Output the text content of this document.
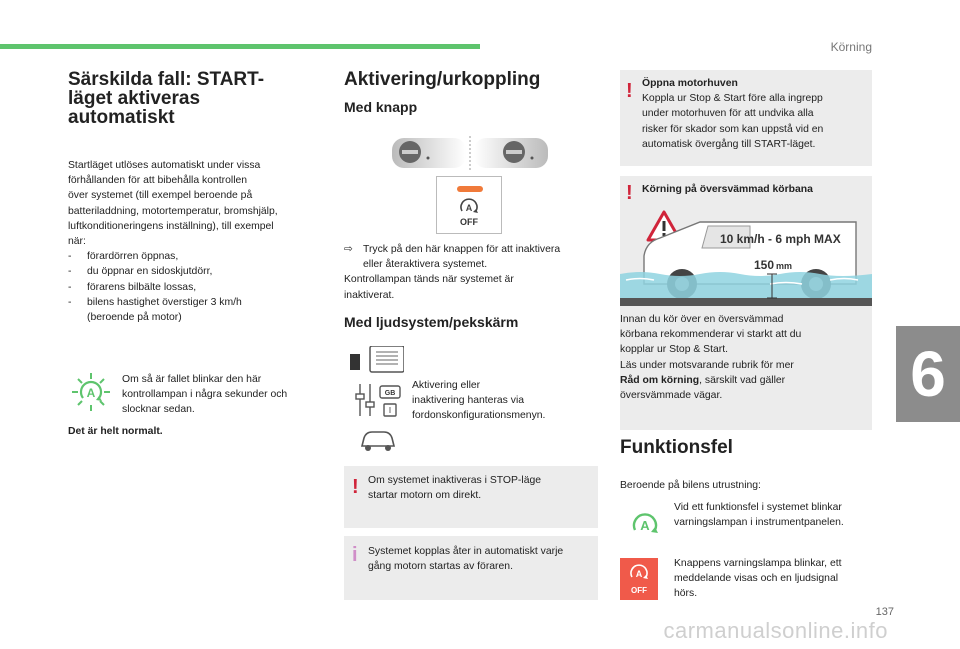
Körning
6
137
carmanualsonline.info
Särskilda fall: START-
läget aktiveras
automatiskt
Startläget utlöses automatiskt under vissa
förhållanden för att bibehålla kontrollen
över systemet (till exempel beroende på
batteriladdning, motortemperatur, bromshjälp,
luftkonditioneringens inställning), till exempel
när:
- förardörren öppnas,
- du öppnar en sidoskjutdörr,
- förarens bilbälte lossas,
- bilens hastighet överstiger 3 km/h
(beroende på motor)
A
Om så är fallet blinkar den här
kontrollampan i några sekunder och
slocknar sedan.
Det är helt normalt.
Aktivering/urkoppling
Med knapp
A
OFF
⇨ Tryck på den här knappen för att inaktivera
eller återaktivera systemet.
Kontrollampan tänds när systemet är
inaktiverat.
Med ljudsystem/pekskärm
GB
I
Aktivering eller
inaktivering hanteras via
fordonskonfigurationsmenyn.
! Om systemet inaktiveras i STOP-läge
startar motorn om direkt.
i Systemet kopplas åter in automatiskt varje
gång motorn startas av föraren.
! Öppna motorhuven
Koppla ur Stop & Start före alla ingrepp
under motorhuven för att undvika alla
risker för skador som kan uppstå vid en
automatisk övergång till START-läget.
! Körning på översvämmad körbana
10 km/h - 6 mph MAX
150 mm
Innan du kör över en översvämmad
körbana rekommenderar vi starkt att du
kopplar ur Stop & Start.
Läs under motsvarande rubrik för mer
Råd om körning, särskilt vad gäller
översvämmade vägar.
Funktionsfel
Beroende på bilens utrustning:
A
Vid ett funktionsfel i systemet blinkar
varningslampan i instrumentpanelen.
A
OFF
Knappens varningslampa blinkar, ett
meddelande visas och en ljudsignal
hörs.
